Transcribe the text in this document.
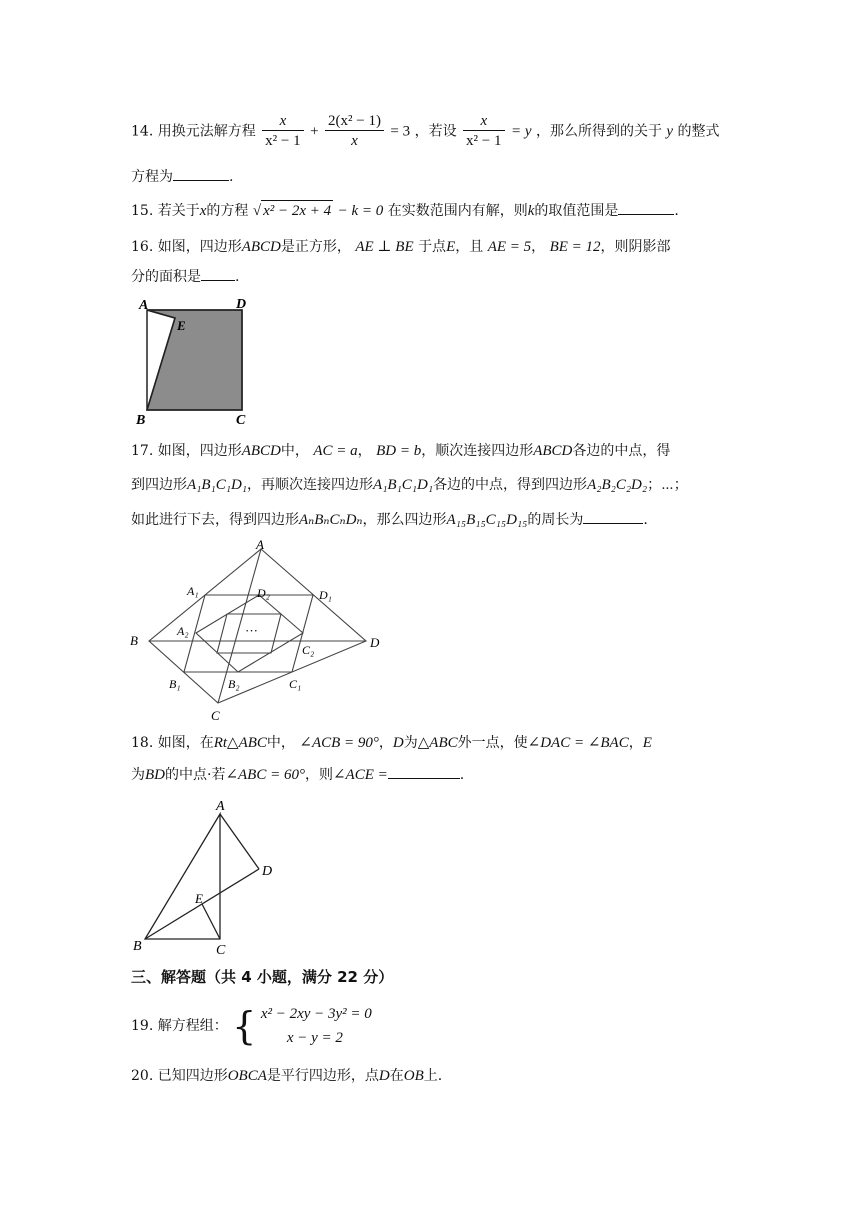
14. 用换元法解方程 $\frac{x}{\text{x² − 1}} + \frac{\text{2(x² − 1)}}{x} = 3$ ，若设 $\frac{x}{\text{x² − 1}} = y$ ，那么所得到的关于 y 的整式
方程为	.
15. 若关于x的方程 √ x² − 2x + 4 − k = 0 在实数范围内有解，则k的取值范围是	.
16. 如图，四边形ABCD是正方形， AE ⊥ BE 于点E，且 AE = 5， BE = 12，则阴影部
分的面积是 .
A	D
E
B	C
17. 如图，四边形ABCD中， AC = a， BD = b，顺次连接四边形ABCD各边的中点，得
到四边形A₁B₁C₁D₁，再顺次连接四边形A₁B₁C₁D₁各边的中点，得到四边形A₂B₂C₂D₂；⋯；
如此进行下去，得到四边形AₙBₙCₙDₙ，那么四边形A₁₅B₁₅C₁₅D₁₅的周长为	.
A
B
C
D
A₁
B₁	C₁
D₁
A₂
B₂
C₂
D₂
···
18. 如图，在Rt△ABC中， ∠ACB = 90°，D为△ABC外一点，使∠DAC = ∠BAC，E
为BD的中点·若∠ABC = 60°，则∠ACE =	.
A
D
E
B	C
三、解答题（共 4 小题，满分 22 分）
19. 解方程组： { x² − 2xy − 3y² = 0
x − y = 2
20. 已知四边形OBCA是平行四边形，点D在OB上.
